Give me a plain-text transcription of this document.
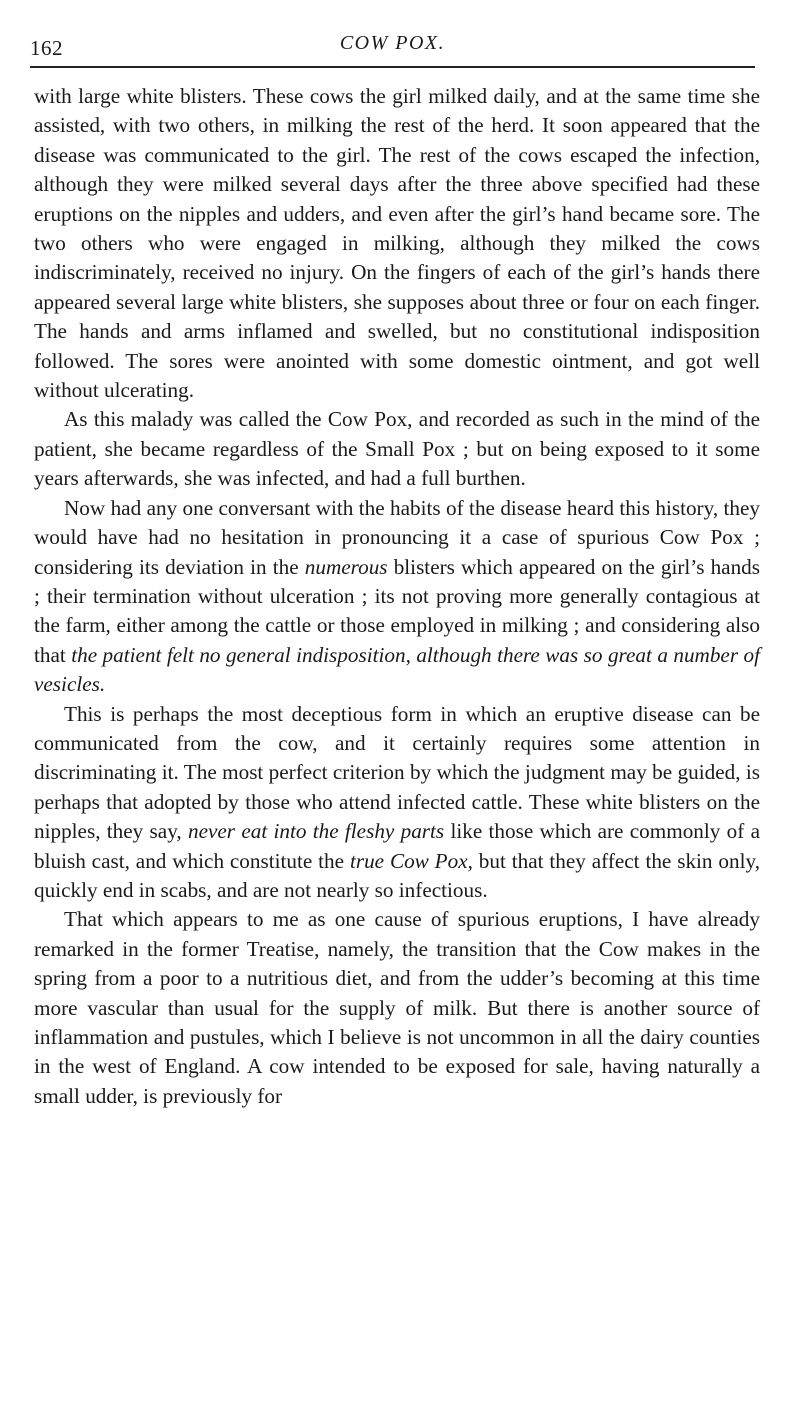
162	COW POX.

with large white blisters. These cows the girl milked daily, and at the same time she assisted, with two others, in milking the rest of the herd. It soon appeared that the disease was communicated to the girl. The rest of the cows escaped the infection, although they were milked several days after the three above specified had these eruptions on the nipples and udders, and even after the girl’s hand became sore. The two others who were engaged in milking, although they milked the cows indiscriminately, received no injury. On the fingers of each of the girl’s hands there appeared several large white blisters, she supposes about three or four on each finger. The hands and arms inflamed and swelled, but no constitutional indisposition followed. The sores were anointed with some domestic ointment, and got well without ulcerating.

As this malady was called the Cow Pox, and recorded as such in the mind of the patient, she became regardless of the Small Pox ; but on being exposed to it some years afterwards, she was infected, and had a full burthen.

Now had any one conversant with the habits of the disease heard this history, they would have had no hesitation in pronouncing it a case of spurious Cow Pox ; considering its deviation in the numerous blisters which appeared on the girl’s hands ; their termination without ulceration ; its not proving more generally contagious at the farm, either among the cattle or those employed in milking ; and considering also that the patient felt no general indisposition, although there was so great a number of vesicles.

This is perhaps the most deceptious form in which an eruptive disease can be communicated from the cow, and it certainly requires some attention in discriminating it. The most perfect criterion by which the judgment may be guided, is perhaps that adopted by those who attend infected cattle. These white blisters on the nipples, they say, never eat into the fleshy parts like those which are commonly of a bluish cast, and which constitute the true Cow Pox, but that they affect the skin only, quickly end in scabs, and are not nearly so infectious.

That which appears to me as one cause of spurious eruptions, I have already remarked in the former Treatise, namely, the transition that the Cow makes in the spring from a poor to a nutritious diet, and from the udder’s becoming at this time more vascular than usual for the supply of milk. But there is another source of inflammation and pustules, which I believe is not uncommon in all the dairy counties in the west of England. A cow intended to be exposed for sale, having naturally a small udder, is previously for
